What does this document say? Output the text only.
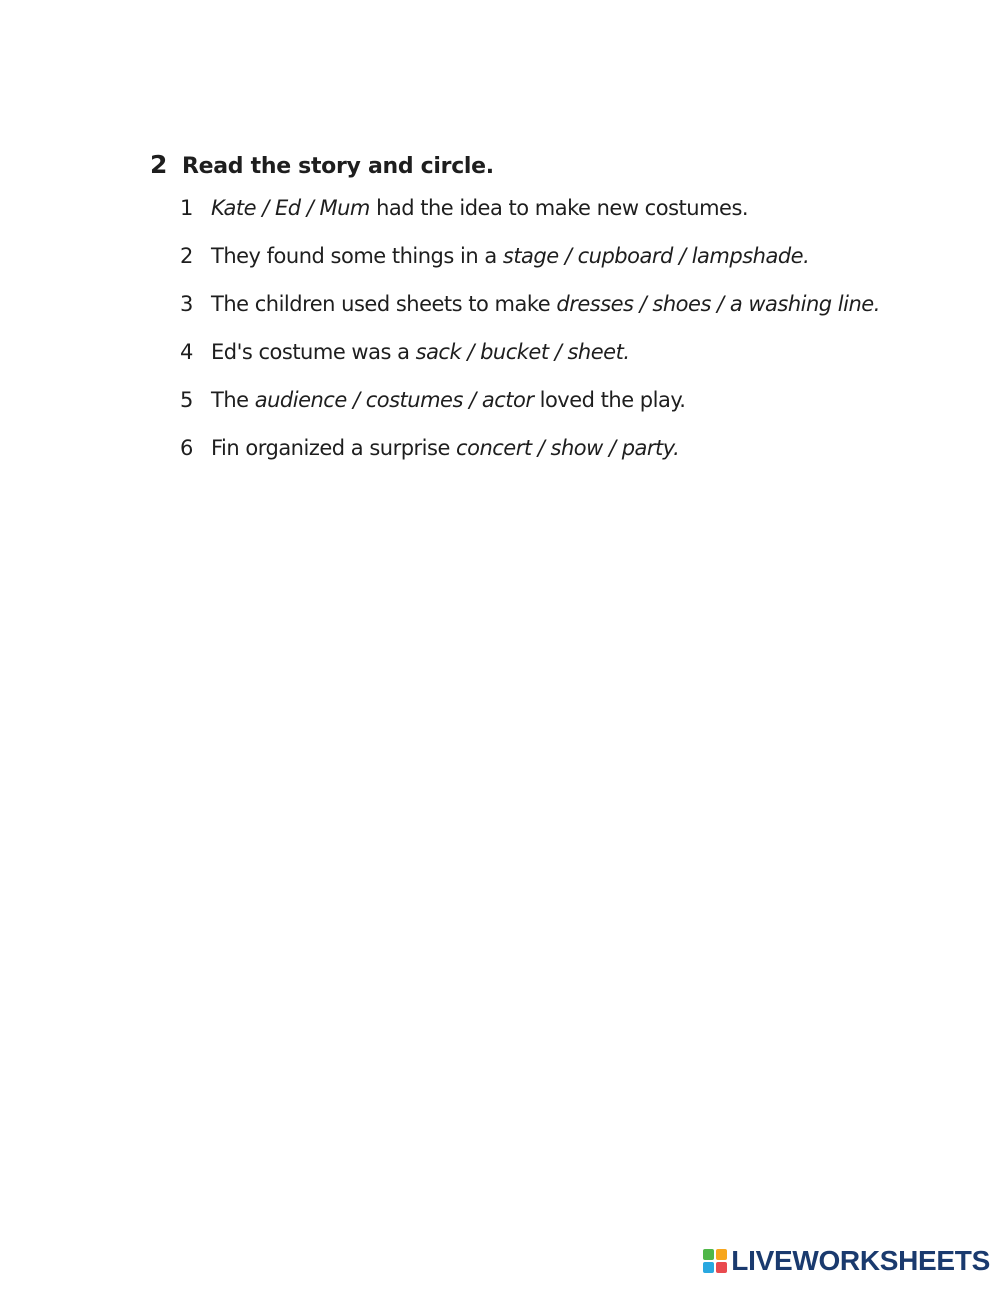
2 Read the story and circle.
1 Kate / Ed / Mum had the idea to make new costumes.
2 They found some things in a stage / cupboard / lampshade.
3 The children used sheets to make dresses / shoes / a washing line.
4 Ed's costume was a sack / bucket / sheet.
5 The audience / costumes / actor loved the play.
6 Fin organized a surprise concert / show / party.
LIVEWORKSHEETS
